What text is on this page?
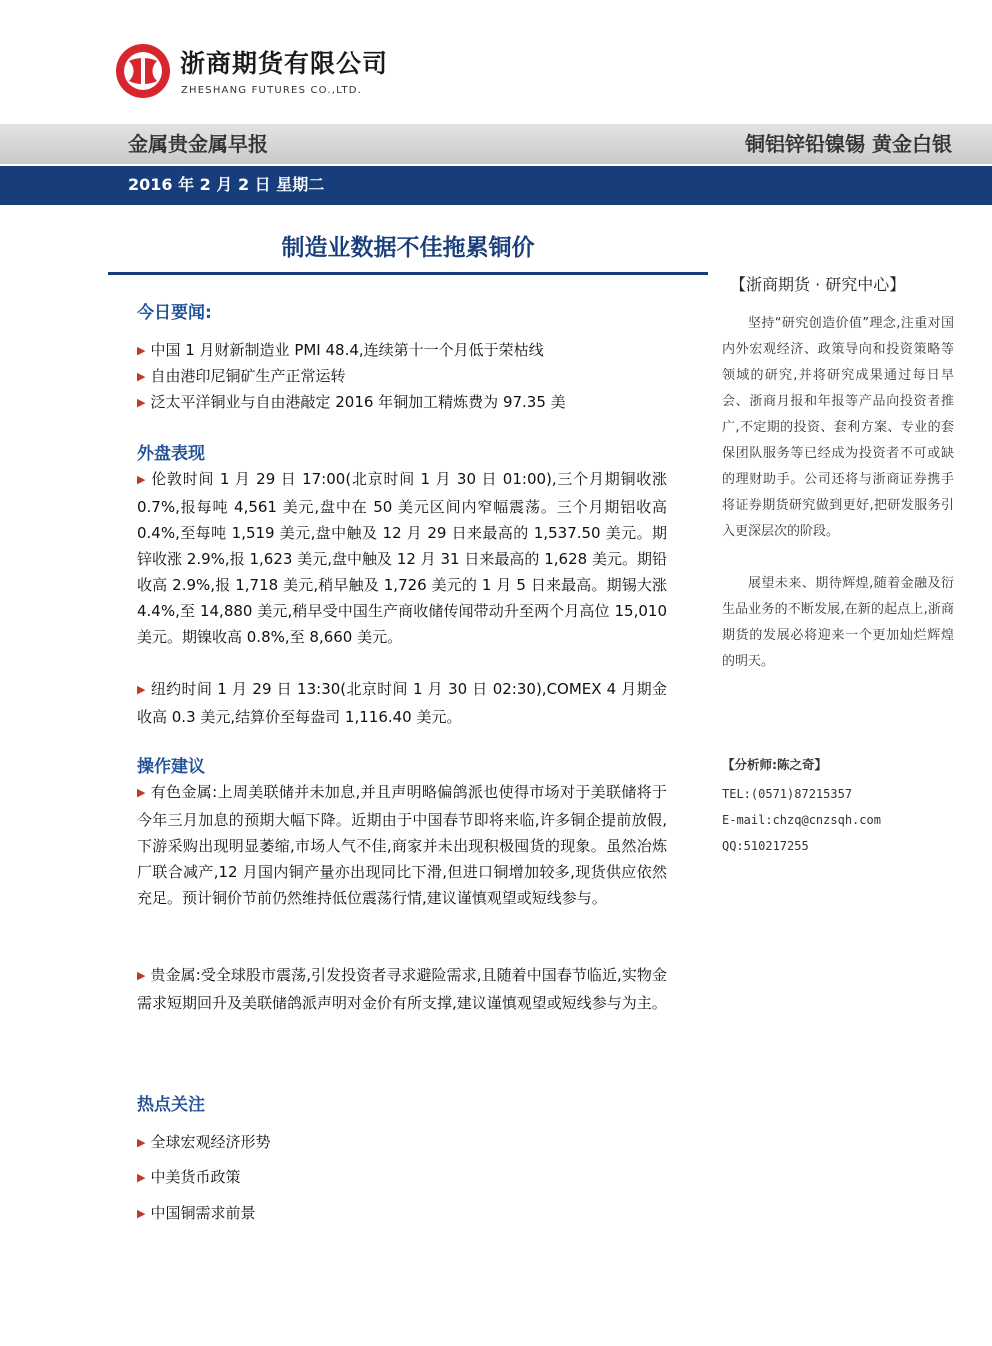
浙商期货有限公司
ZHESHANG FUTURES CO.,LTD.
金属贵金属早报	铜铝锌铅镍锡 黄金白银
2016 年 2 月 2 日 星期二
制造业数据不佳拖累铜价
今日要闻:
▶ 中国 1 月财新制造业 PMI 48.4,连续第十一个月低于荣枯线
▶ 自由港印尼铜矿生产正常运转
▶ 泛太平洋铜业与自由港敲定 2016 年铜加工精炼费为 97.35 美
外盘表现

▶ 伦敦时间 1 月 29 日 17:00(北京时间 1 月 30 日 01:00),三个月期铜收涨 0.7%,报每吨 4,561 美元,盘中在 50 美元区间内窄幅震荡。三个月期铝收高 0.4%,至每吨 1,519 美元,盘中触及 12 月 29 日来最高的 1,537.50 美元。期锌收涨 2.9%,报 1,623 美元,盘中触及 12 月 31 日来最高的 1,628 美元。期铅收高 2.9%,报 1,718 美元,稍早触及 1,726 美元的 1 月 5 日来最高。期锡大涨 4.4%,至 14,880 美元,稍早受中国生产商收储传闻带动升至两个月高位 15,010 美元。期镍收高 0.8%,至 8,660 美元。

▶ 纽约时间 1 月 29 日 13:30(北京时间 1 月 30 日 02:30),COMEX 4 月期金收高 0.3 美元,结算价至每盎司 1,116.40 美元。

操作建议

▶ 有色金属:上周美联储并未加息,并且声明略偏鸽派也使得市场对于美联储将于今年三月加息的预期大幅下降。近期由于中国春节即将来临,许多铜企提前放假,下游采购出现明显萎缩,市场人气不佳,商家并未出现积极囤货的现象。虽然冶炼厂联合减产,12 月国内铜产量亦出现同比下滑,但进口铜增加较多,现货供应依然充足。预计铜价节前仍然维持低位震荡行情,建议谨慎观望或短线参与。

▶ 贵金属:受全球股市震荡,引发投资者寻求避险需求,且随着中国春节临近,实物金需求短期回升及美联储鸽派声明对金价有所支撑,建议谨慎观望或短线参与为主。

热点关注
▶ 全球宏观经济形势
▶ 中美货币政策
▶ 中国铜需求前景
【浙商期货 · 研究中心】

坚持“研究创造价值”理念,注重对国内外宏观经济、政策导向和投资策略等领域的研究,并将研究成果通过每日早会、浙商月报和年报等产品向投资者推广,不定期的投资、套利方案、专业的套保团队服务等已经成为投资者不可或缺的理财助手。公司还将与浙商证券携手将证券期货研究做到更好,把研发服务引入更深层次的阶段。

展望未来、期待辉煌,随着金融及衍生品业务的不断发展,在新的起点上,浙商期货的发展必将迎来一个更加灿烂辉煌的明天。

【分析师:陈之奇】
TEL:(0571)87215357
E-mail:chzq@cnzsqh.com
QQ:510217255
